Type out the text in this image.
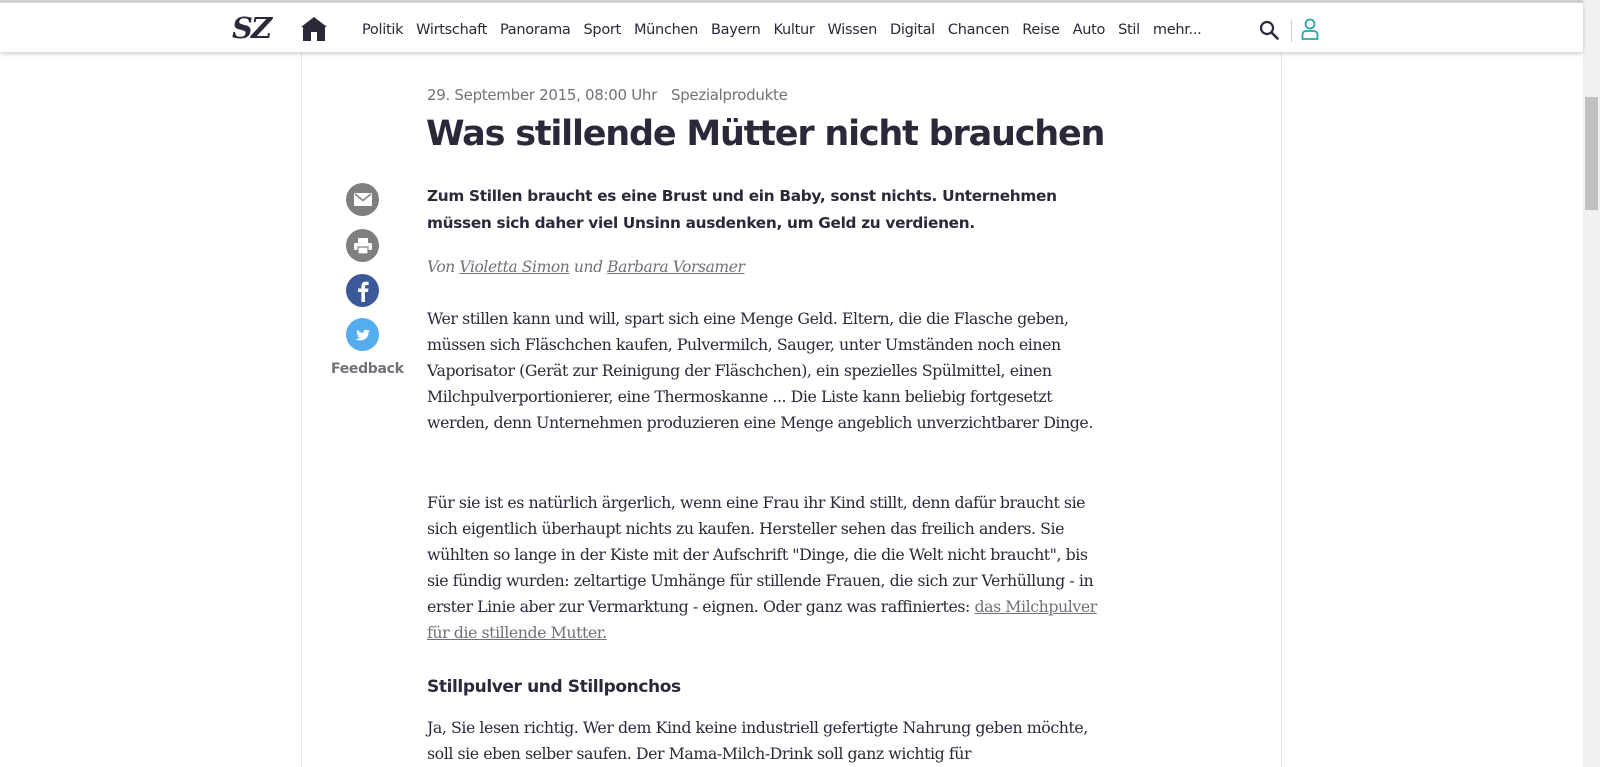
SZ	Politik Wirtschaft Panorama Sport München Bayern Kultur Wissen Digital Chancen Reise Auto Stil mehr...
29. September 2015, 08:00 Uhr Spezialprodukte
Was stillende Mütter nicht brauchen

Zum Stillen braucht es eine Brust und ein Baby, sonst nichts. Unternehmen müssen sich daher viel Unsinn ausdenken, um Geld zu verdienen.

Von Violetta Simon und Barbara Vorsamer

Wer stillen kann und will, spart sich eine Menge Geld. Eltern, die die Flasche geben, müssen sich Fläschchen kaufen, Pulvermilch, Sauger, unter Umständen noch einen Vaporisator (Gerät zur Reinigung der Fläschchen), ein spezielles Spülmittel, einen Milchpulverportionierer, eine Thermoskanne ... Die Liste kann beliebig fortgesetzt werden, denn Unternehmen produzieren eine Menge angeblich unverzichtbarer Dinge.

Für sie ist es natürlich ärgerlich, wenn eine Frau ihr Kind stillt, denn dafür braucht sie sich eigentlich überhaupt nichts zu kaufen. Hersteller sehen das freilich anders. Sie wühlten so lange in der Kiste mit der Aufschrift "Dinge, die die Welt nicht braucht", bis sie fündig wurden: zeltartige Umhänge für stillende Frauen, die sich zur Verhüllung - in erster Linie aber zur Vermarktung - eignen. Oder ganz was raffiniertes: das Milchpulver für die stillende Mutter.

Stillpulver und Stillponchos

Ja, Sie lesen richtig. Wer dem Kind keine industriell gefertigte Nahrung geben möchte, soll sie eben selber saufen. Der Mama-Milch-Drink soll ganz wichtig für

Feedback
